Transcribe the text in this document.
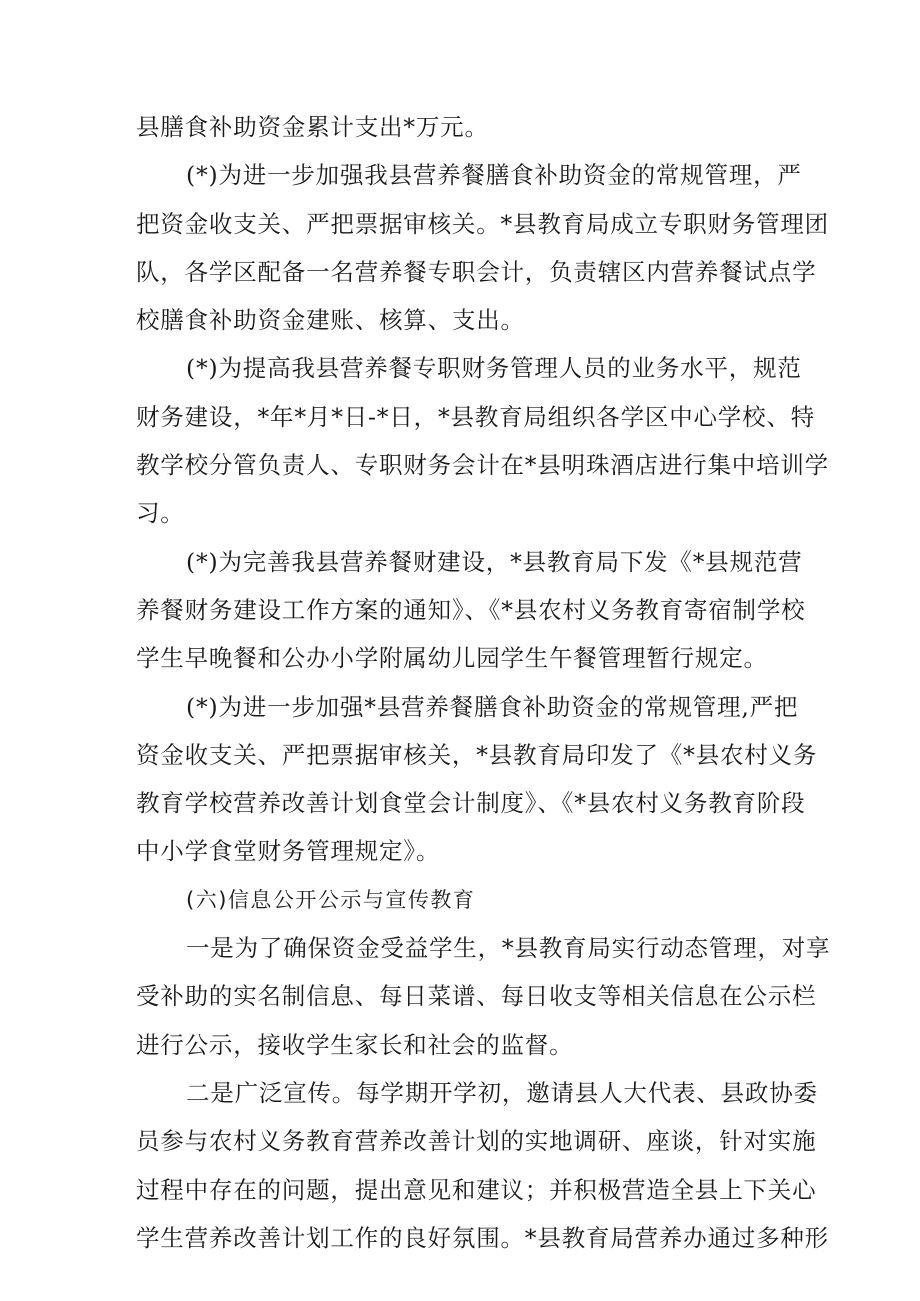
县膳食补助资金累计支出*万元。
(*)为进一步加强我县营养餐膳食补助资金的常规管理，严
把资金收支关、严把票据审核关。*县教育局成立专职财务管理团
队，各学区配备一名营养餐专职会计，负责辖区内营养餐试点学
校膳食补助资金建账、核算、支出。
(*)为提高我县营养餐专职财务管理人员的业务水平，规范
财务建设，*年*月*日-*日，*县教育局组织各学区中心学校、特
教学校分管负责人、专职财务会计在*县明珠酒店进行集中培训学
习。
(*)为完善我县营养餐财建设，*县教育局下发《*县规范营
养餐财务建设工作方案的通知》、《*县农村义务教育寄宿制学校
学生早晚餐和公办小学附属幼儿园学生午餐管理暂行规定。
(*)为进一步加强*县营养餐膳食补助资金的常规管理,严把
资金收支关、严把票据审核关，*县教育局印发了《*县农村义务
教育学校营养改善计划食堂会计制度》、《*县农村义务教育阶段
中小学食堂财务管理规定》。
(六)信息公开公示与宣传教育
一是为了确保资金受益学生，*县教育局实行动态管理，对享
受补助的实名制信息、每日菜谱、每日收支等相关信息在公示栏
进行公示，接收学生家长和社会的监督。
二是广泛宣传。每学期开学初，邀请县人大代表、县政协委
员参与农村义务教育营养改善计划的实地调研、座谈，针对实施
过程中存在的问题，提出意见和建议；并积极营造全县上下关心
学生营养改善计划工作的良好氛围。*县教育局营养办通过多种形
